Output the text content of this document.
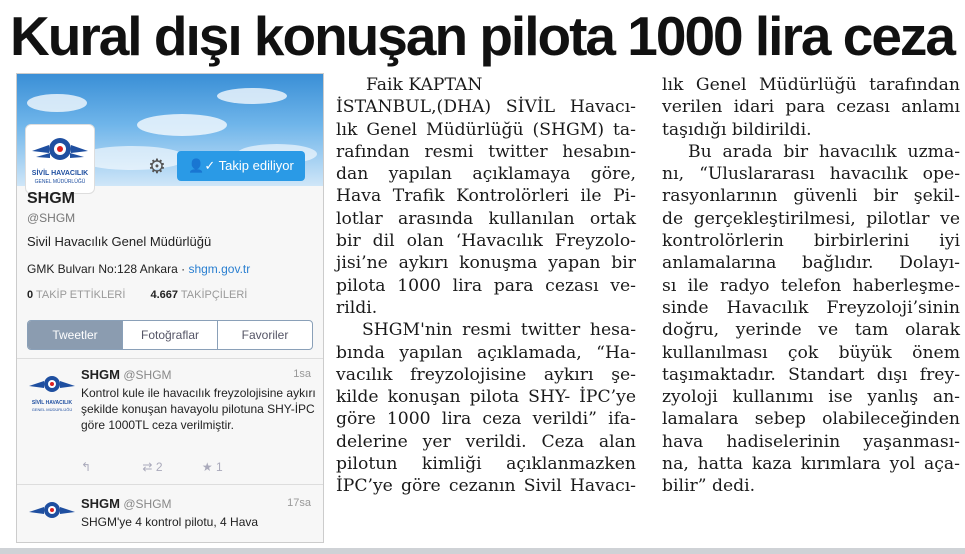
Kural dışı konuşan pilota 1000 lira ceza
SİVİL HAVACILIK
GENEL MÜDÜRLÜĞÜ
⚙	👤✓ Takip ediliyor
SHGM
@SHGM
Sivil Havacılık Genel Müdürlüğü
GMK Bulvarı No:128 Ankara · shgm.gov.tr
0 TAKİP ETTİKLERİ 4.667 TAKİPÇİLERİ
Tweetler	Fotoğraflar	Favoriler
SİVİL HAVACILIK
GENEL MÜDÜRLÜĞÜ
SHGM @SHGM	1sa
Kontrol kule ile havacılık freyzolojisine aykırı şekilde konuşan havayolu pilotuna SHY-İPC göre 1000TL ceza verilmiştir.
↰	⇄ 2	★ 1
SHGM @SHGM	17sa
SHGM'ye 4 kontrol pilotu, 4 Hava
Faik KAPTAN
İSTANBUL,(DHA) SİVİL Havacı-
lık Genel Müdürlüğü (SHGM) ta-
rafından resmi twitter hesabın-
dan yapılan açıklamaya göre,
Hava Trafik Kontrolörleri ile Pi-
lotlar arasında kullanılan ortak
bir dil olan ‘Havacılık Freyzolo-
jisi’ne aykırı konuşma yapan bir
pilota 1000 lira para cezası ve-
rildi.
SHGM'nin resmi twitter hesa-
bında yapılan açıklamada, “Ha-
vacılık freyzolojisine aykırı şe-
kilde konuşan pilota SHY- İPC’ye
göre 1000 lira ceza verildi” ifa-
delerine yer verildi. Ceza alan
pilotun kimliği açıklanmazken
İPC’ye göre cezanın Sivil Havacı-
lık Genel Müdürlüğü tarafından
verilen idari para cezası anlamı
taşıdığı bildirildi.
Bu arada bir havacılık uzma-
nı, “Uluslararası havacılık ope-
rasyonlarının güvenli bir şekil-
de gerçekleştirilmesi, pilotlar ve
kontrolörlerin birbirlerini iyi
anlamalarına bağlıdır. Dolayı-
sı ile radyo telefon haberleşme-
sinde Havacılık Freyzoloji’sinin
doğru, yerinde ve tam olarak
kullanılması çok büyük önem
taşımaktadır. Standart dışı frey-
zyoloji kullanımı ise yanlış an-
lamalara sebep olabileceğinden
hava hadiselerinin yaşanması-
na, hatta kaza kırımlara yol aça-
bilir” dedi.
